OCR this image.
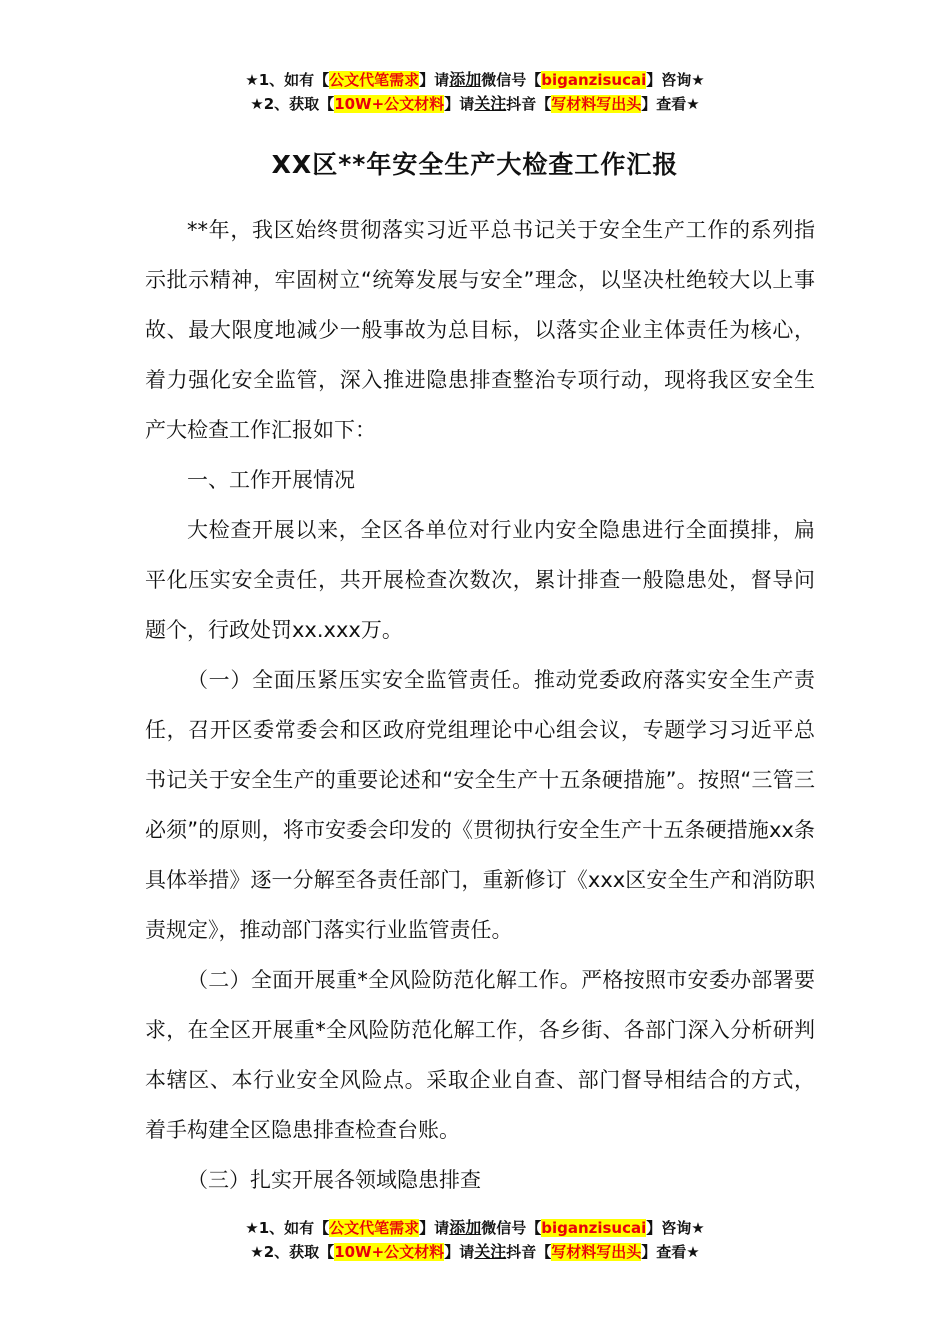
★1、如有【公文代笔需求】请添加微信号【biganzisucai】咨询★
★2、获取【10W+公文材料】请关注抖音【写材料写出头】查看★
XX区**年安全生产大检查工作汇报

**年，我区始终贯彻落实习近平总书记关于安全生产工作的系列指示批示精神，牢固树立“统筹发展与安全”理念，以坚决杜绝较大以上事故、最大限度地减少一般事故为总目标，以落实企业主体责任为核心，着力强化安全监管，深入推进隐患排查整治专项行动，现将我区安全生产大检查工作汇报如下：

一、工作开展情况

大检查开展以来，全区各单位对行业内安全隐患进行全面摸排，扁平化压实安全责任，共开展检查次数次，累计排查一般隐患处，督导问题个，行政处罚xx.xxx万。

（一）全面压紧压实安全监管责任。推动党委政府落实安全生产责任，召开区委常委会和区政府党组理论中心组会议，专题学习习近平总书记关于安全生产的重要论述和“安全生产十五条硬措施”。按照“三管三必须”的原则，将市安委会印发的《贯彻执行安全生产十五条硬措施xx条具体举措》逐一分解至各责任部门，重新修订《xxx区安全生产和消防职责规定》，推动部门落实行业监管责任。

（二）全面开展重*全风险防范化解工作。严格按照市安委办部署要求，在全区开展重*全风险防范化解工作，各乡街、各部门深入分析研判本辖区、本行业安全风险点。采取企业自查、部门督导相结合的方式，着手构建全区隐患排查检查台账。

（三）扎实开展各领域隐患排查

★1、如有【公文代笔需求】请添加微信号【biganzisucai】咨询★
★2、获取【10W+公文材料】请关注抖音【写材料写出头】查看★
